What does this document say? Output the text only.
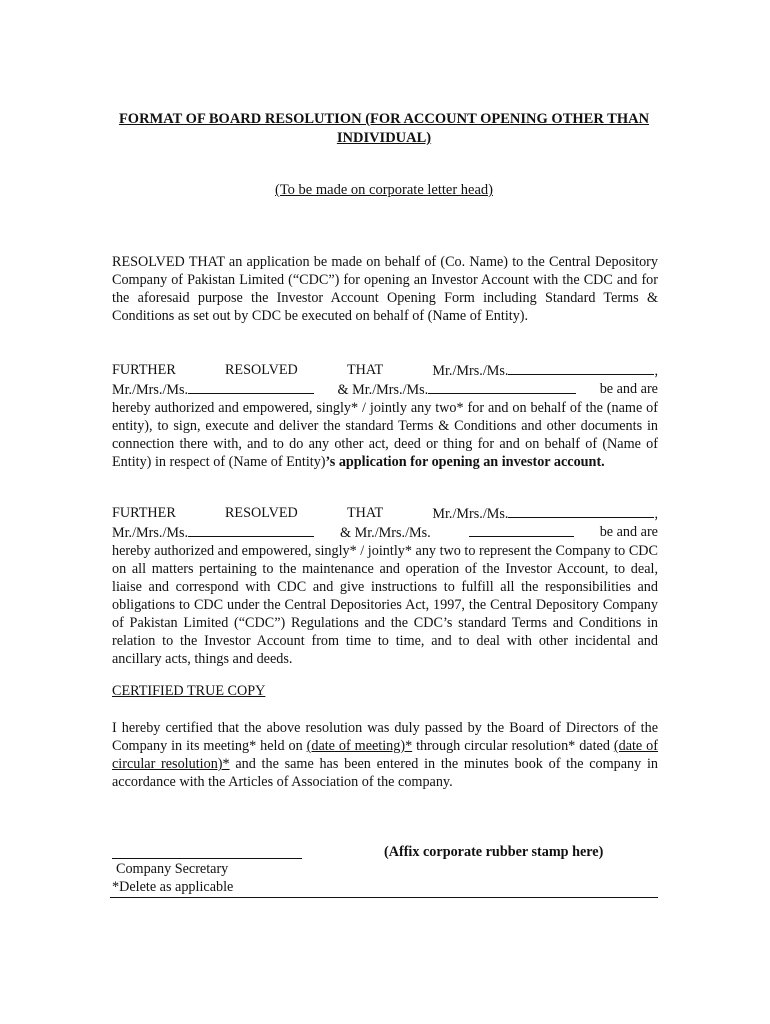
FORMAT OF BOARD RESOLUTION (FOR ACCOUNT OPENING OTHER THAN INDIVIDUAL)
(To be made on corporate letter head)
RESOLVED THAT an application be made on behalf of (Co. Name) to the Central Depository Company of Pakistan Limited (“CDC”) for opening an Investor Account with the CDC and for the aforesaid purpose the Investor Account Opening Form including Standard Terms & Conditions as set out by CDC be executed on behalf of (Name of Entity).
FURTHER	RESOLVED	THAT	Mr./Mrs./Ms.	,
Mr./Mrs./Ms.	& Mr./Mrs./Ms.	be and are
hereby authorized and empowered, singly* / jointly any two* for and on behalf of the (name of entity), to sign, execute and deliver the standard Terms & Conditions and other documents in connection there with, and to do any other act, deed or thing for and on behalf of (Name of Entity) in respect of (Name of Entity)’s application for opening an investor account.
FURTHER	RESOLVED	THAT	Mr./Mrs./Ms.	,
Mr./Mrs./Ms.	& Mr./Mrs./Ms.	be and are
hereby authorized and empowered, singly* / jointly* any two to represent the Company to CDC on all matters pertaining to the maintenance and operation of the Investor Account, to deal, liaise and correspond with CDC and give instructions to fulfill all the responsibilities and obligations to CDC under the Central Depositories Act, 1997, the Central Depository Company of Pakistan Limited (“CDC”) Regulations and the CDC’s standard Terms and Conditions in relation to the Investor Account from time to time, and to deal with other incidental and ancillary acts, things and deeds.
CERTIFIED TRUE COPY
I hereby certified that the above resolution was duly passed by the Board of Directors of the Company in its meeting* held on (date of meeting)* through circular resolution* dated (date of circular resolution)* and the same has been entered in the minutes book of the company in accordance with the Articles of Association of the company.
(Affix corporate rubber stamp here)
Company Secretary
*Delete as applicable
